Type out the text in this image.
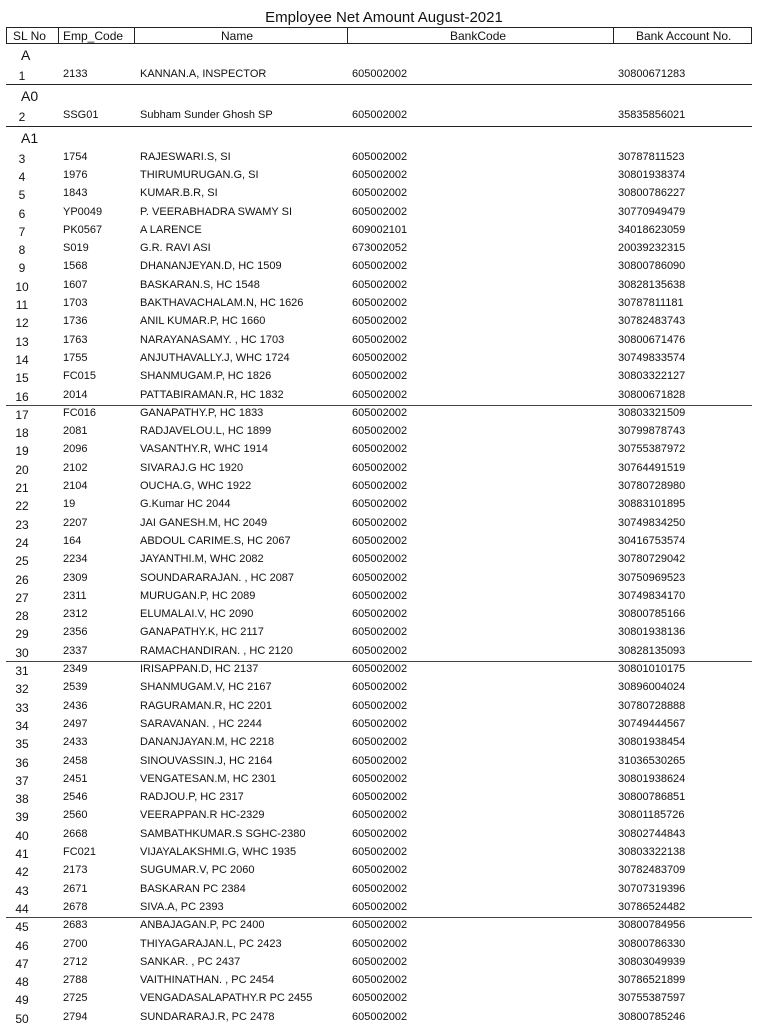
Employee Net Amount August-2021
SL No Emp_Code	Name	BankCode	Bank Account No.
A
1	2133	KANNAN.A, INSPECTOR	605002002	30800671283
A0
2	SSG01	Subham Sunder Ghosh SP	605002002	35835856021
A1
3	1754	RAJESWARI.S, SI	605002002	30787811523
4	1976	THIRUMURUGAN.G, SI	605002002	30801938374
5	1843	KUMAR.B.R, SI	605002002	30800786227
6	YP0049	P. VEERABHADRA SWAMY SI	605002002	30770949479
7	PK0567	A LARENCE	609002101	34018623059
8	S019	G.R. RAVI ASI	673002052	20039232315
9	1568	DHANANJEYAN.D, HC 1509	605002002	30800786090
10	1607	BASKARAN.S, HC 1548	605002002	30828135638
11	1703	BAKTHAVACHALAM.N, HC 1626	605002002	30787811181
12	1736	ANIL KUMAR.P, HC 1660	605002002	30782483743
13	1763	NARAYANASAMY. , HC 1703	605002002	30800671476
14	1755	ANJUTHAVALLY.J, WHC 1724	605002002	30749833574
15	FC015	SHANMUGAM.P, HC 1826	605002002	30803322127
16	2014	PATTABIRAMAN.R, HC 1832	605002002	30800671828
17	FC016	GANAPATHY.P, HC 1833	605002002	30803321509
18	2081	RADJAVELOU.L, HC 1899	605002002	30799878743
19	2096	VASANTHY.R, WHC 1914	605002002	30755387972
20	2102	SIVARAJ.G HC 1920	605002002	30764491519
21	2104	OUCHA.G, WHC 1922	605002002	30780728980
22	19	G.Kumar HC 2044	605002002	30883101895
23	2207	JAI GANESH.M, HC 2049	605002002	30749834250
24	164	ABDOUL CARIME.S, HC 2067	605002002	30416753574
25	2234	JAYANTHI.M, WHC 2082	605002002	30780729042
26	2309	SOUNDARARAJAN. , HC 2087	605002002	30750969523
27	2311	MURUGAN.P, HC 2089	605002002	30749834170
28	2312	ELUMALAI.V, HC 2090	605002002	30800785166
29	2356	GANAPATHY.K, HC 2117	605002002	30801938136
30	2337	RAMACHANDIRAN. , HC 2120	605002002	30828135093
31	2349	IRISAPPAN.D, HC 2137	605002002	30801010175
32	2539	SHANMUGAM.V, HC 2167	605002002	30896004024
33	2436	RAGURAMAN.R, HC 2201	605002002	30780728888
34	2497	SARAVANAN. , HC 2244	605002002	30749444567
35	2433	DANANJAYAN.M, HC 2218	605002002	30801938454
36	2458	SINOUVASSIN.J, HC 2164	605002002	31036530265
37	2451	VENGATESAN.M, HC 2301	605002002	30801938624
38	2546	RADJOU.P, HC 2317	605002002	30800786851
39	2560	VEERAPPAN.R HC-2329	605002002	30801185726
40	2668	SAMBATHKUMAR.S SGHC-2380	605002002	30802744843
41	FC021	VIJAYALAKSHMI.G, WHC 1935	605002002	30803322138
42	2173	SUGUMAR.V, PC 2060	605002002	30782483709
43	2671	BASKARAN PC 2384	605002002	30707319396
44	2678	SIVA.A, PC 2393	605002002	30786524482
45	2683	ANBAJAGAN.P, PC 2400	605002002	30800784956
46	2700	THIYAGARAJAN.L, PC 2423	605002002	30800786330
47	2712	SANKAR. , PC 2437	605002002	30803049939
48	2788	VAITHINATHAN. , PC 2454	605002002	30786521899
49	2725	VENGADASALAPATHY.R PC 2455	605002002	30755387597
50	2794	SUNDARARAJ.R, PC 2478	605002002	30800785246
